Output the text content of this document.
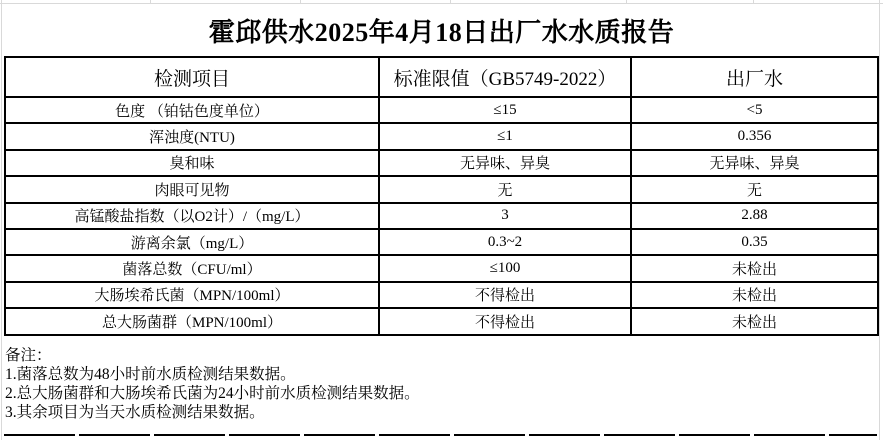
霍邱供水2025年4月18日出厂水水质报告
检测项目	标准限值（GB5749-2022）	出厂水
色度 （铂钴色度单位）	≤15	<5
浑浊度(NTU)	≤1	0.356
臭和味	无异味、异臭	无异味、异臭
肉眼可见物	无	无
高锰酸盐指数（以O2计）/（mg/L）	3	2.88
游离余氯（mg/L）	0.3~2	0.35
菌落总数（CFU/ml）	≤100	未检出
大肠埃希氏菌（MPN/100ml）	不得检出	未检出
总大肠菌群（MPN/100ml）	不得检出	未检出
备注：
1.菌落总数为48小时前水质检测结果数据。
2.总大肠菌群和大肠埃希氏菌为24小时前水质检测结果数据。
3.其余项目为当天水质检测结果数据。
